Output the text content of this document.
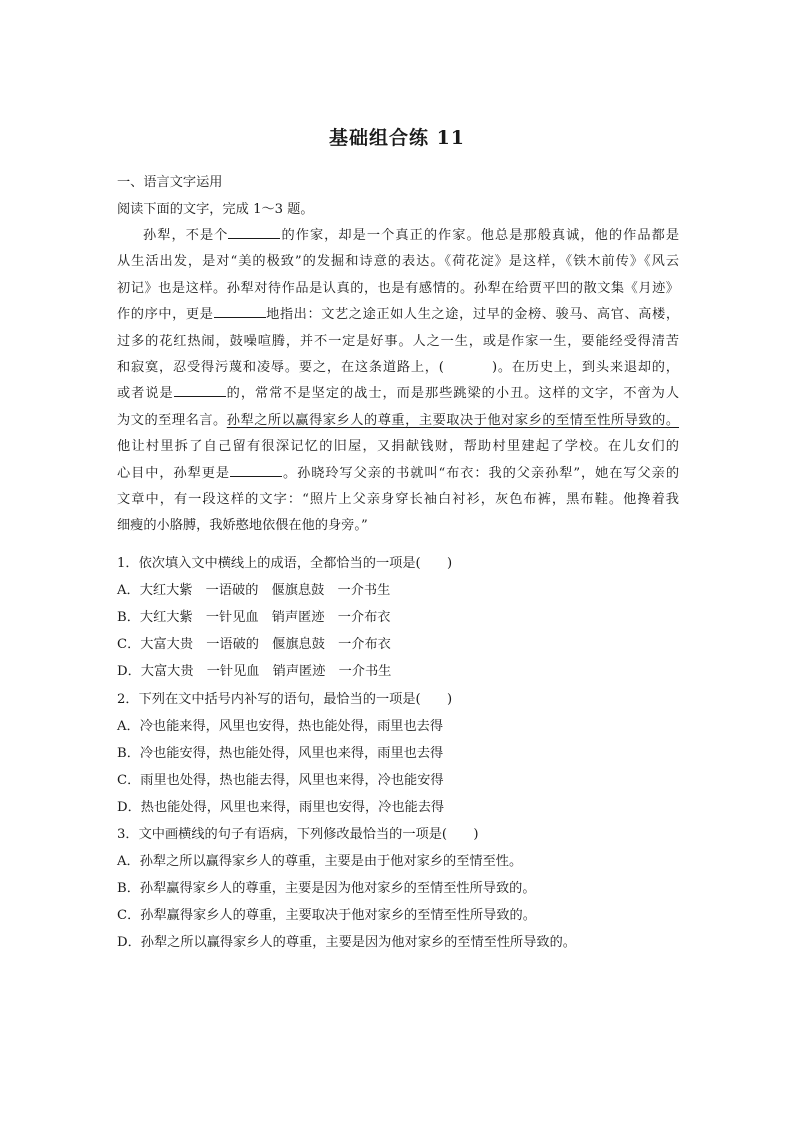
基础组合练 11
一、语言文字运用
阅读下面的文字，完成 1～3 题。
孙犁，不是个	的作家，却是一个真正的作家。他总是那般真诚，他的作品都是
从生活出发，是对“美的极致”的发掘和诗意的表达。《荷花淀》是这样，《铁木前传》《风云
初记》也是这样。孙犁对待作品是认真的，也是有感情的。孙犁在给贾平凹的散文集《月迹》
作的序中，更是	地指出：文艺之途正如人生之途，过早的金榜、骏马、高官、高楼，
过多的花红热闹，鼓噪喧腾，并不一定是好事。人之一生，或是作家一生，要能经受得清苦
和寂寞，忍受得污蔑和凌辱。要之，在这条道路上，(	)。在历史上，到头来退却的，
或者说是	的，常常不是坚定的战士，而是那些跳梁的小丑。这样的文字，不啻为人
为文的至理名言。孙犁之所以赢得家乡人的尊重，主要取决于他对家乡的至情至性所导致的。
他让村里拆了自己留有很深记忆的旧屋，又捐献钱财，帮助村里建起了学校。在儿女们的
心目中，孙犁更是	。孙晓玲写父亲的书就叫“布衣：我的父亲孙犁”，她在写父亲的
文章中，有一段这样的文字：“照片上父亲身穿长袖白衬衫，灰色布裤，黑布鞋。他搀着我
细瘦的小胳膊，我娇憨地依偎在他的身旁。”
1．依次填入文中横线上的成语，全都恰当的一项是(　　)
A．大红大紫　一语破的　偃旗息鼓　一介书生
B．大红大紫　一针见血　销声匿迹　一介布衣
C．大富大贵　一语破的　偃旗息鼓　一介布衣
D．大富大贵　一针见血　销声匿迹　一介书生
2．下列在文中括号内补写的语句，最恰当的一项是(　　)
A．冷也能来得，风里也安得，热也能处得，雨里也去得
B．冷也能安得，热也能处得，风里也来得，雨里也去得
C．雨里也处得，热也能去得，风里也来得，冷也能安得
D．热也能处得，风里也来得，雨里也安得，冷也能去得
3．文中画横线的句子有语病，下列修改最恰当的一项是(　　)
A．孙犁之所以赢得家乡人的尊重，主要是由于他对家乡的至情至性。
B．孙犁赢得家乡人的尊重，主要是因为他对家乡的至情至性所导致的。
C．孙犁赢得家乡人的尊重，主要取决于他对家乡的至情至性所导致的。
D．孙犁之所以赢得家乡人的尊重，主要是因为他对家乡的至情至性所导致的。
